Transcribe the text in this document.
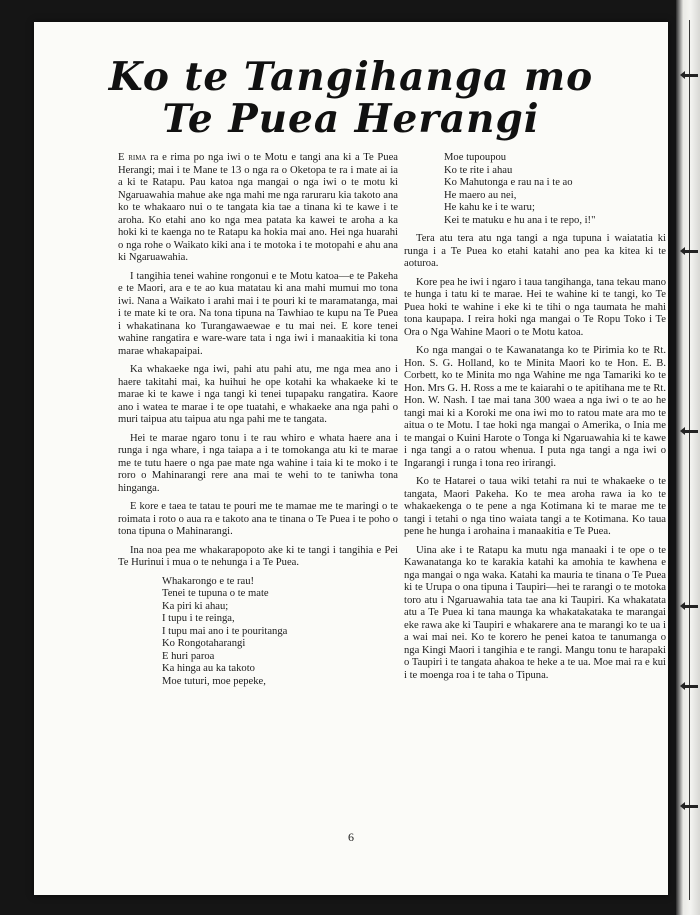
Ko te Tangihanga mo
Te Puea Herangi

E rima ra e rima po nga iwi o te Motu e tangi ana ki a Te Puea Herangi; mai i te Mane te 13 o nga ra o Oketopa te ra i mate ai ia a ki te Ratapu. Pau katoa nga mangai o nga iwi o te motu ki Ngaruawahia mahue ake nga mahi me nga raruraru kia takoto ana ko te whakaaro nui o te tangata kia tae a tinana ki te kawe i te aroha. Ko etahi ano ko nga mea patata ka kawei te aroha a ka hoki ki te kaenga no te Ratapu ka hokia mai ano. Hei nga huarahi o nga rohe o Waikato kiki ana i te motoka i te motopahi e ahu ana ki Ngaruawahia.

I tangihia tenei wahine rongonui e te Motu katoa—e te Pakeha e te Maori, ara e te ao kua matatau ki ana mahi mumui mo tona iwi. Nana a Waikato i arahi mai i te pouri ki te maramatanga, mai i te mate ki te ora. Na tona tipuna na Tawhiao te kupu na Te Puea i whakatinana ko Turangawaewae e tu mai nei. E kore tenei wahine rangatira e ware-ware tata i nga iwi i manaakitia ki tona marae whakapaipai.

Ka whakaeke nga iwi, pahi atu pahi atu, me nga mea ano i haere takitahi mai, ka huihui he ope kotahi ka whakaeke ki te marae ki te kawe i nga tangi ki tenei tupapaku rangatira. Kaore ano i watea te marae i te ope tuatahi, e whakaeke ana nga pahi o muri taipua atu taipua atu nga pahi me te tangata.

Hei te marae ngaro tonu i te rau whiro e whata haere ana i runga i nga whare, i nga taiapa a i te tomokanga atu ki te marae me te tutu haere o nga pae mate nga wahine i taia ki te moko i te roro o Mahinarangi rere ana mai te wehi to te taniwha tona hinganga.

E kore e taea te tatau te pouri me te mamae me te maringi o te roimata i roto o aua ra e takoto ana te tinana o Te Puea i te poho o tona tipuna o Mahinarangi.

Ina noa pea me whakarapopoto ake ki te tangi i tangihia e Pei Te Hurinui i mua o te nehunga i a Te Puea.

Whakarongo e te rau!
Tenei te tupuna o te mate
Ka piri ki ahau;
I tupu i te reinga,
I tupu mai ano i te pouritanga
Ko Rongotaharangi
E huri paroa
Ka hinga au ka takoto
Moe tuturi, moe pepeke,
Moe tupoupou
Ko te rite i ahau
Ko Mahutonga e rau na i te ao
He maero au nei,
He kahu ke i te waru;
Kei te matuku e hu ana i te repo, i!"

Tera atu tera atu nga tangi a nga tupuna i waiatatia ki runga i a Te Puea ko etahi katahi ano pea ka kitea ki te aoturoa.

Kore pea he iwi i ngaro i taua tangihanga, tana tekau mano te hunga i tatu ki te marae. Hei te wahine ki te tangi, ko Te Puea hoki te wahine i eke ki te tihi o nga taumata he mahi tona kaupapa. I reira hoki nga mangai o Te Ropu Toko i Te Ora o Nga Wahine Maori o te Motu katoa.

Ko nga mangai o te Kawanatanga ko te Pirimia ko te Rt. Hon. S. G. Holland, ko te Minita Maori ko te Hon. E. B. Corbett, ko te Minita mo nga Wahine me nga Tamariki ko te Hon. Mrs G. H. Ross a me te kaiarahi o te apitihana me te Rt. Hon. W. Nash. I tae mai tana 300 waea a nga iwi o te ao he tangi mai ki a Koroki me ona iwi mo to ratou mate ara mo te aitua o te Motu. I tae hoki nga mangai o Amerika, o Inia me te mangai o Kuini Harote o Tonga ki Ngaruawahia ki te kawe i nga tangi a o ratou whenua. I puta nga tangi a nga iwi o Ingarangi i runga i tona reo irirangi.

Ko te Hatarei o taua wiki tetahi ra nui te whakaeke o te tangata, Maori Pakeha. Ko te mea aroha rawa ia ko te whakaekenga o te pene a nga Kotimana ki te marae me te tangi i tetahi o nga tino waiata tangi a te Kotimana. Ko taua pene he hunga i arohaina i manaakitia e Te Puea.

Uina ake i te Ratapu ka mutu nga manaaki i te ope o te Kawanatanga ko te karakia katahi ka amohia te kawhena e nga mangai o nga waka. Katahi ka mauria te tinana o Te Puea ki te Urupa o ona tipuna i Taupiri—hei te rarangi o te motoka toro atu i Ngaruawahia tata tae ana ki Taupiri. Ka whakatata atu a Te Puea ki tana maunga ka whakatakataka te marangai eke rawa ake ki Taupiri e whakarere ana te marangi ko te ua i a wai mai nei. Ko te korero he penei katoa te tanumanga o nga Kingi Maori i tangihia e te rangi. Mangu tonu te harapaki o Taupiri i te tangata ahakoa te heke a te ua. Moe mai ra e kui i te moenga roa i te taha o Tipuna.

6
